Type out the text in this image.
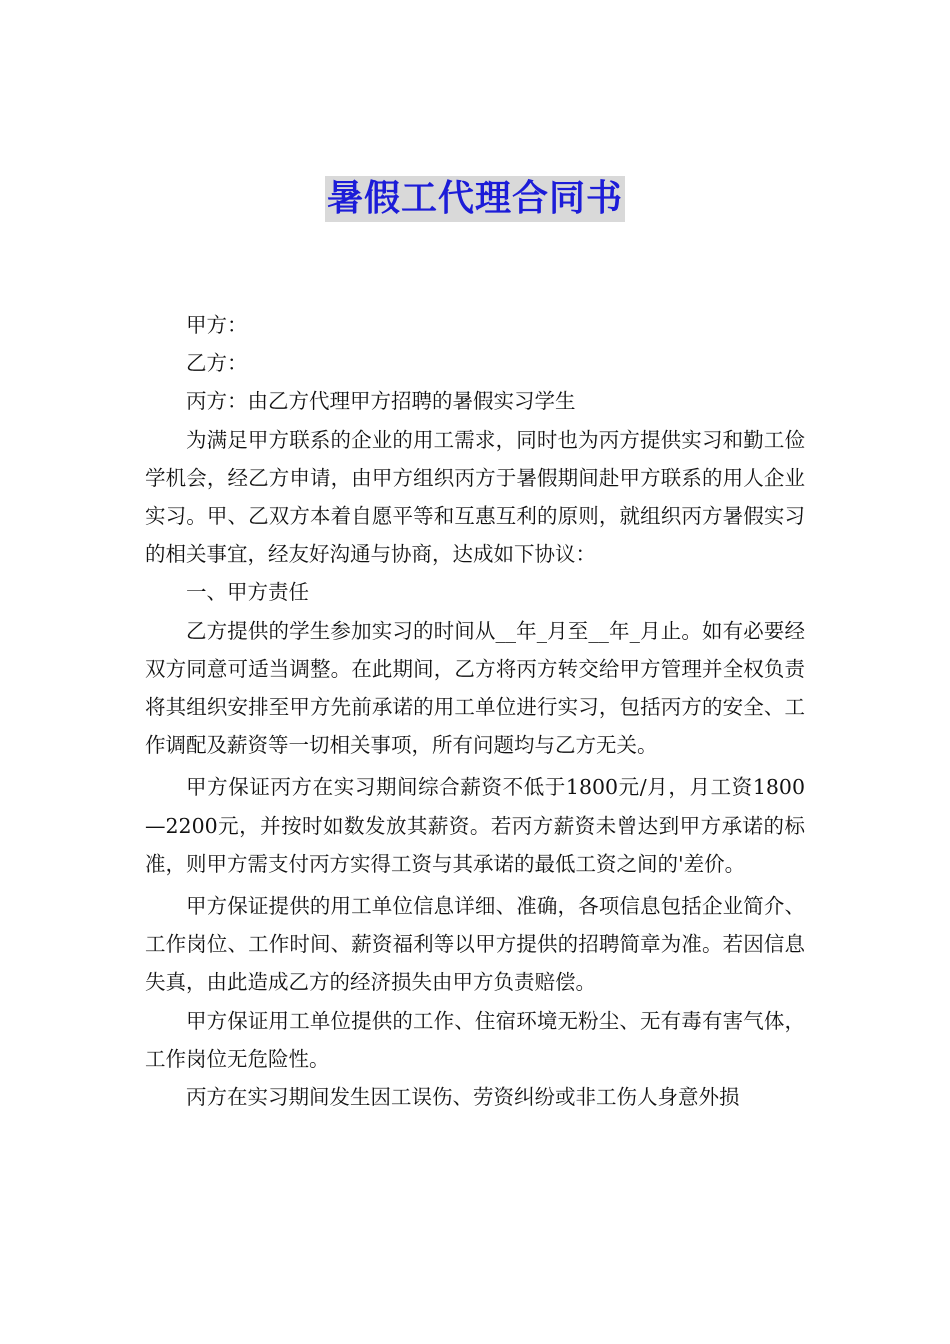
暑假工代理合同书

甲方：

乙方：

丙方：由乙方代理甲方招聘的暑假实习学生

为满足甲方联系的企业的用工需求，同时也为丙方提供实习和勤工俭学机会，经乙方申请，由甲方组织丙方于暑假期间赴甲方联系的用人企业实习。甲、乙双方本着自愿平等和互惠互利的原则，就组织丙方暑假实习的相关事宜，经友好沟通与协商，达成如下协议：

一、甲方责任

乙方提供的学生参加实习的时间从__年_月至__年_月止。如有必要经双方同意可适当调整。在此期间，乙方将丙方转交给甲方管理并全权负责将其组织安排至甲方先前承诺的用工单位进行实习，包括丙方的安全、工作调配及薪资等一切相关事项，所有问题均与乙方无关。

甲方保证丙方在实习期间综合薪资不低于1800元/月，月工资1800—2200元，并按时如数发放其薪资。若丙方薪资未曾达到甲方承诺的标准，则甲方需支付丙方实得工资与其承诺的最低工资之间的'差价。

甲方保证提供的用工单位信息详细、准确，各项信息包括企业简介、工作岗位、工作时间、薪资福利等以甲方提供的招聘简章为准。若因信息失真，由此造成乙方的经济损失由甲方负责赔偿。

甲方保证用工单位提供的工作、住宿环境无粉尘、无有毒有害气体，工作岗位无危险性。

丙方在实习期间发生因工误伤、劳资纠纷或非工伤人身意外损
